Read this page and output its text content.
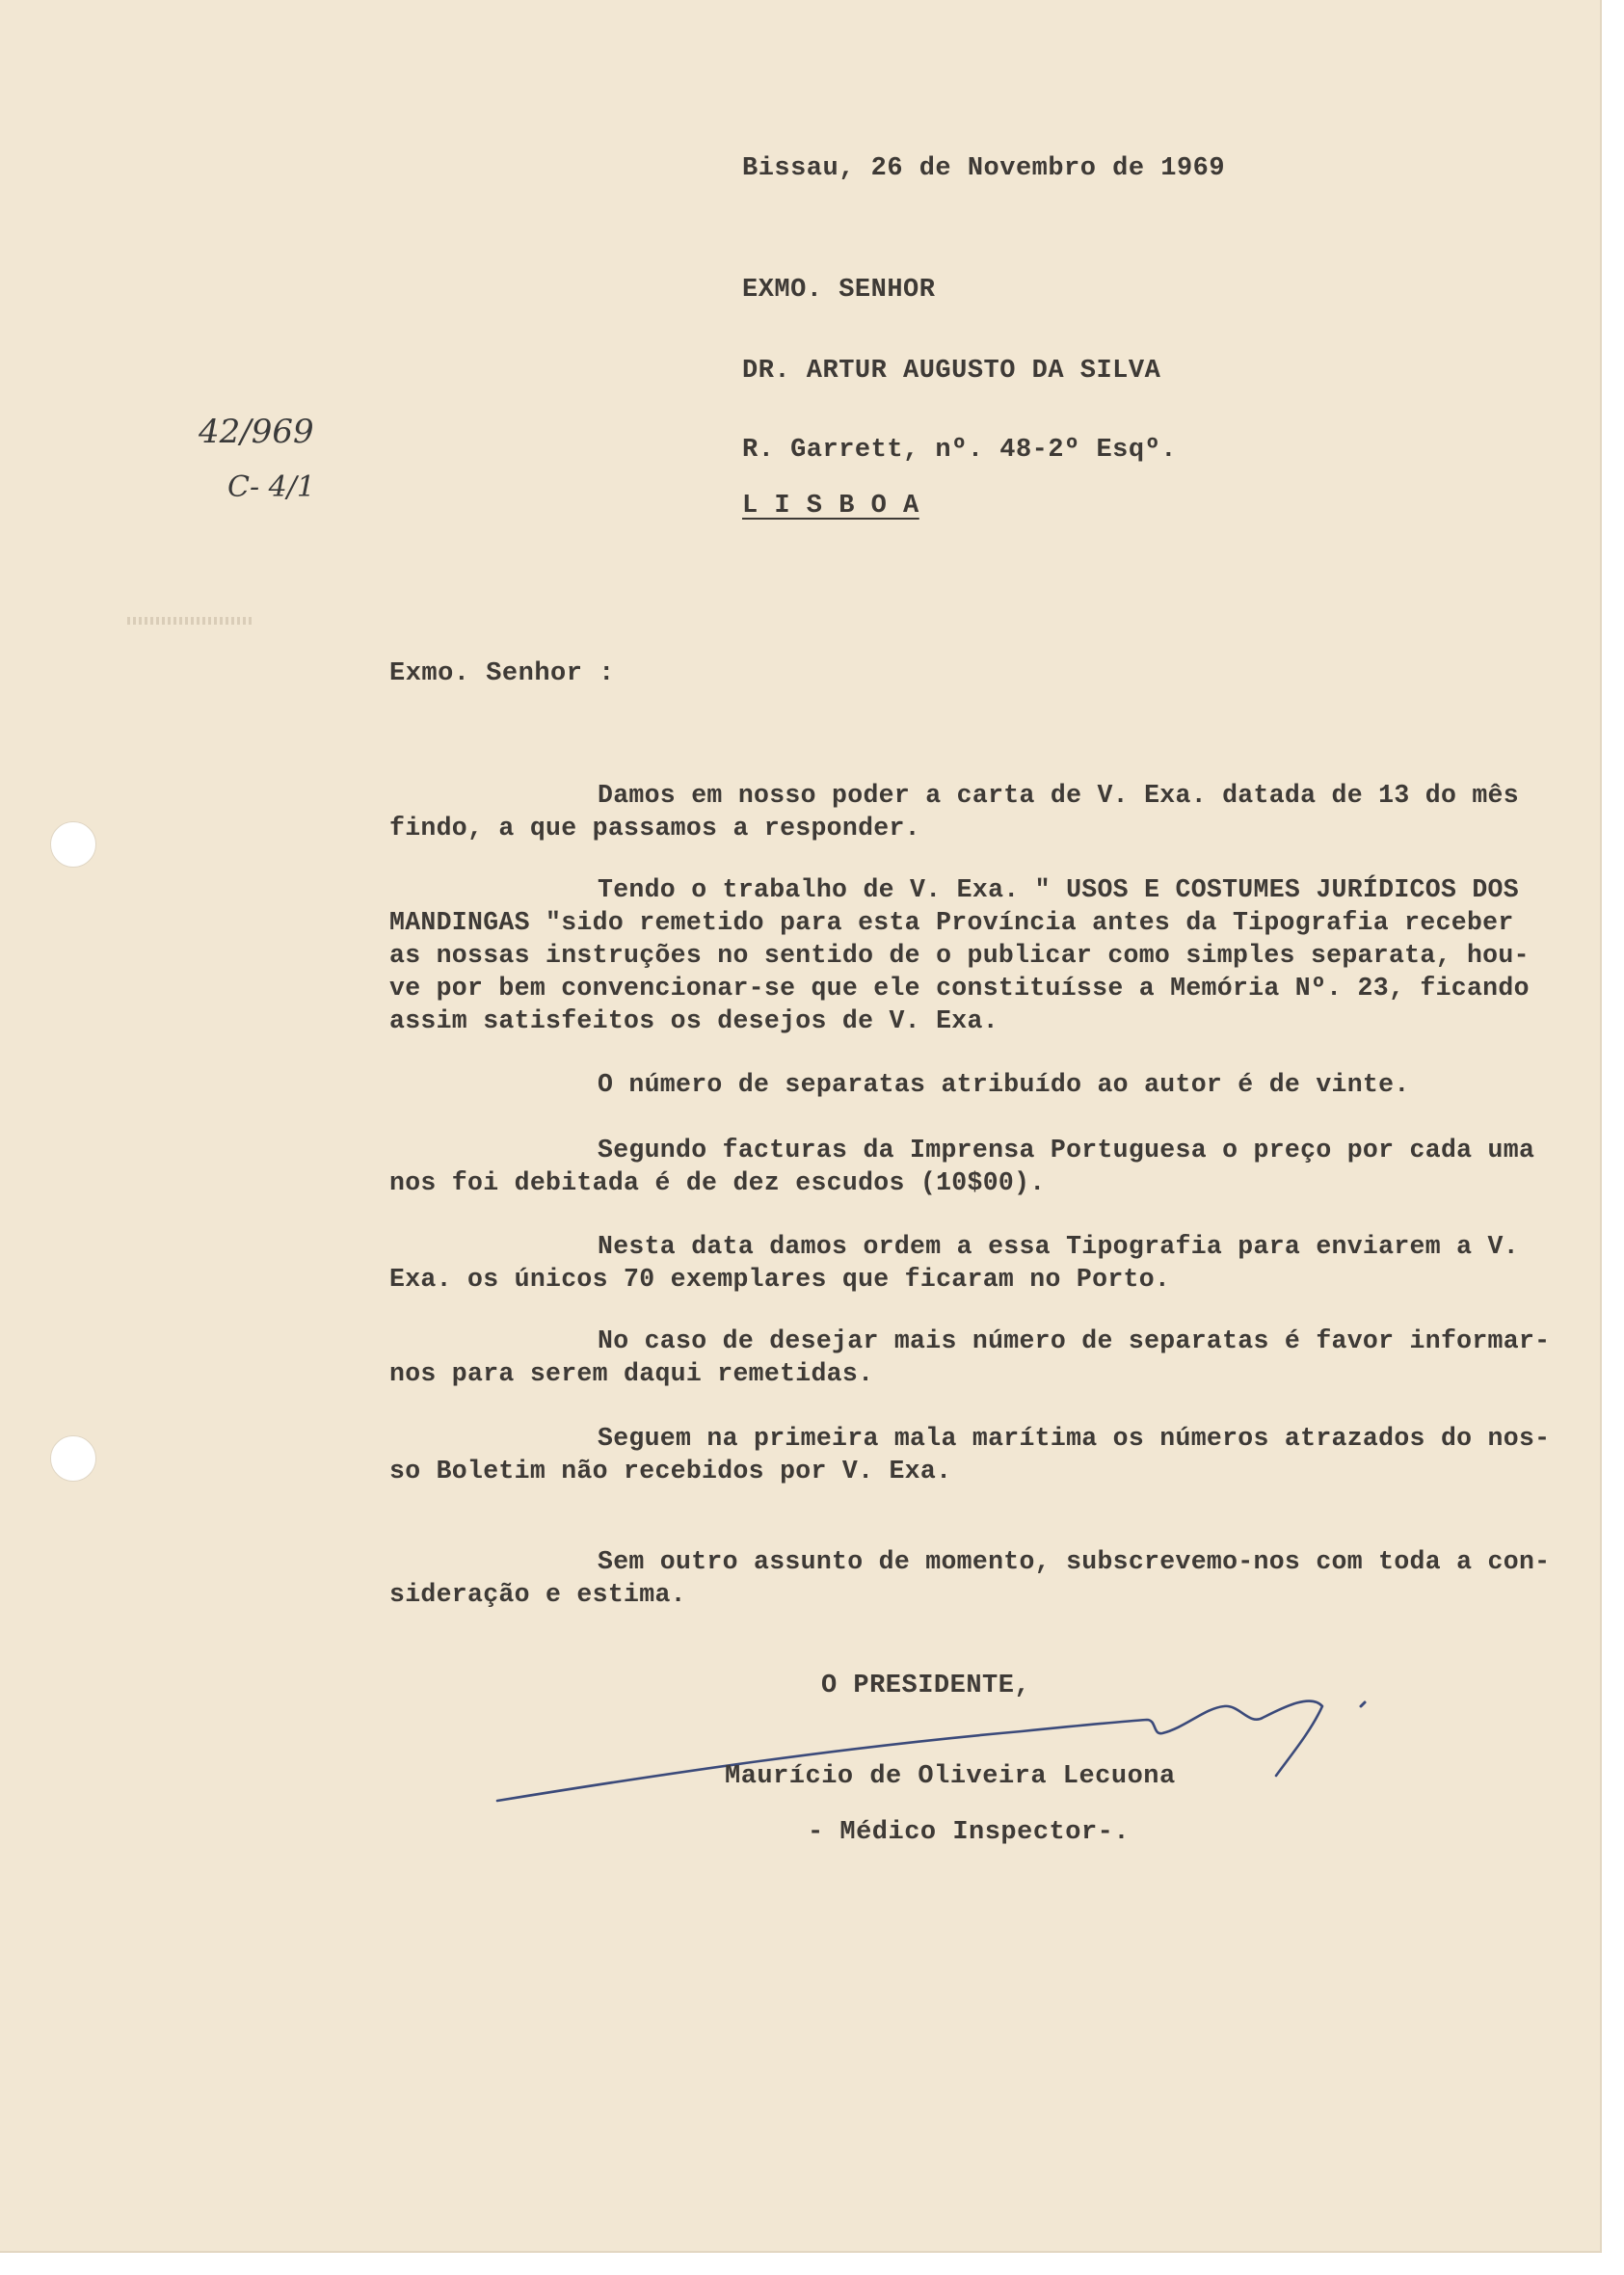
Bissau, 26 de Novembro de 1969
EXMO. SENHOR
DR. ARTUR AUGUSTO DA SILVA
R. Garrett, nº. 48-2º Esqº.
L I S B O A
42/969
C- 4/1
Exmo. Senhor :
Damos em nosso poder a carta de V. Exa. datada de 13 do mês
findo, a que passamos a responder.
Tendo o trabalho de V. Exa. " USOS E COSTUMES JURÍDICOS DOS
MANDINGAS "sido remetido para esta Província antes da Tipografia receber
as nossas instruções no sentido de o publicar como simples separata, hou-
ve por bem convencionar-se que ele constituísse a Memória Nº. 23, ficando
assim satisfeitos os desejos de V. Exa.
O número de separatas atribuído ao autor é de vinte.
Segundo facturas da Imprensa Portuguesa o preço por cada uma
nos foi debitada é de dez escudos (10$00).
Nesta data damos ordem a essa Tipografia para enviarem a V.
Exa. os únicos 70 exemplares que ficaram no Porto.
No caso de desejar mais número de separatas é favor informar-
nos para serem daqui remetidas.
Seguem na primeira mala marítima os números atrazados do nos-
so Boletim não recebidos por V. Exa.
Sem outro assunto de momento, subscrevemo-nos com toda a con-
sideração e estima.
O PRESIDENTE,
Maurício de Oliveira Lecuona
- Médico Inspector-.
